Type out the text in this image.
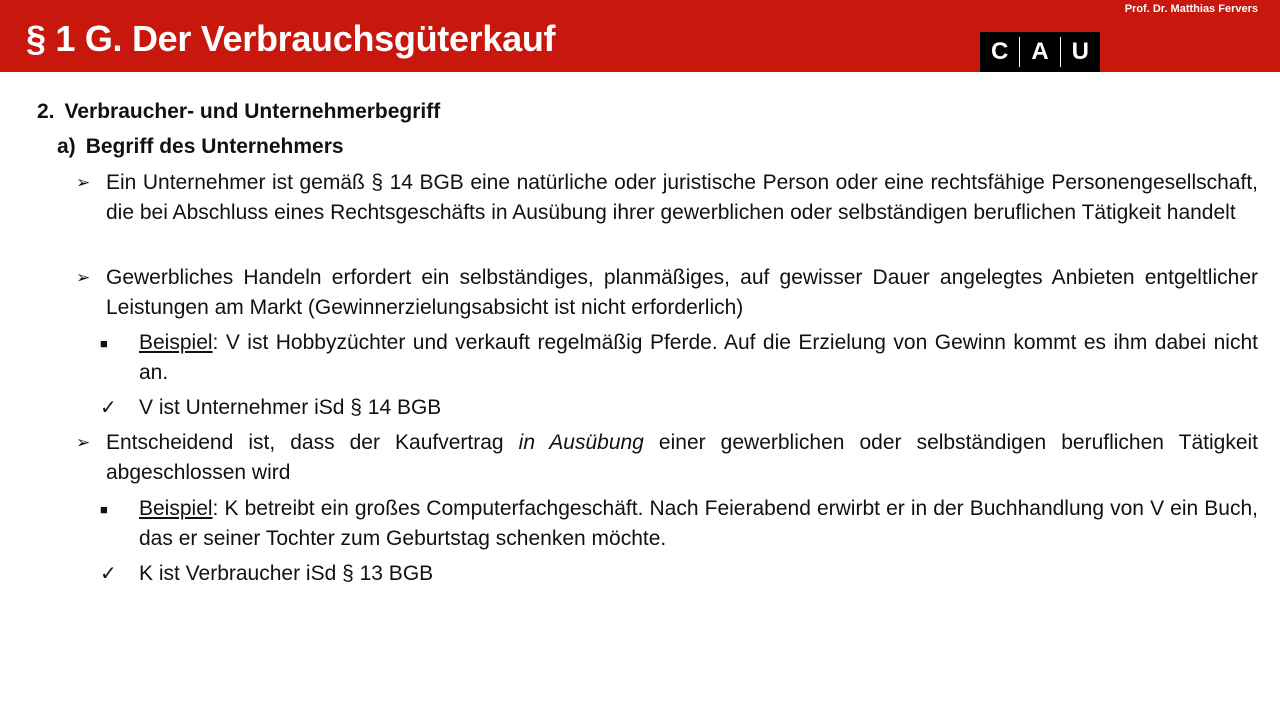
§ 1 G. Der Verbrauchsgüterkauf
Prof. Dr. Matthias Fervers
C A U
2. Verbraucher- und Unternehmerbegriff
a) Begriff des Unternehmers
➢ Ein Unternehmer ist gemäß § 14 BGB eine natürliche oder juristische Person oder eine rechtsfähige Personengesellschaft, die bei Abschluss eines Rechtsgeschäfts in Ausübung ihrer gewerblichen oder selbständigen beruflichen Tätigkeit handelt
➢ Gewerbliches Handeln erfordert ein selbständiges, planmäßiges, auf gewisser Dauer angelegtes Anbieten entgeltlicher Leistungen am Markt (Gewinnerzielungsabsicht ist nicht erforderlich)
■	Beispiel: V ist Hobbyzüchter und verkauft regelmäßig Pferde. Auf die Erzielung von Gewinn kommt es ihm dabei nicht an.
✓	V ist Unternehmer iSd § 14 BGB
➢ Entscheidend ist, dass der Kaufvertrag in Ausübung einer gewerblichen oder selbständigen beruflichen Tätigkeit abgeschlossen wird
■	Beispiel: K betreibt ein großes Computerfachgeschäft. Nach Feierabend erwirbt er in der Buchhandlung von V ein Buch, das er seiner Tochter zum Geburtstag schenken möchte.
✓	K ist Verbraucher iSd § 13 BGB
